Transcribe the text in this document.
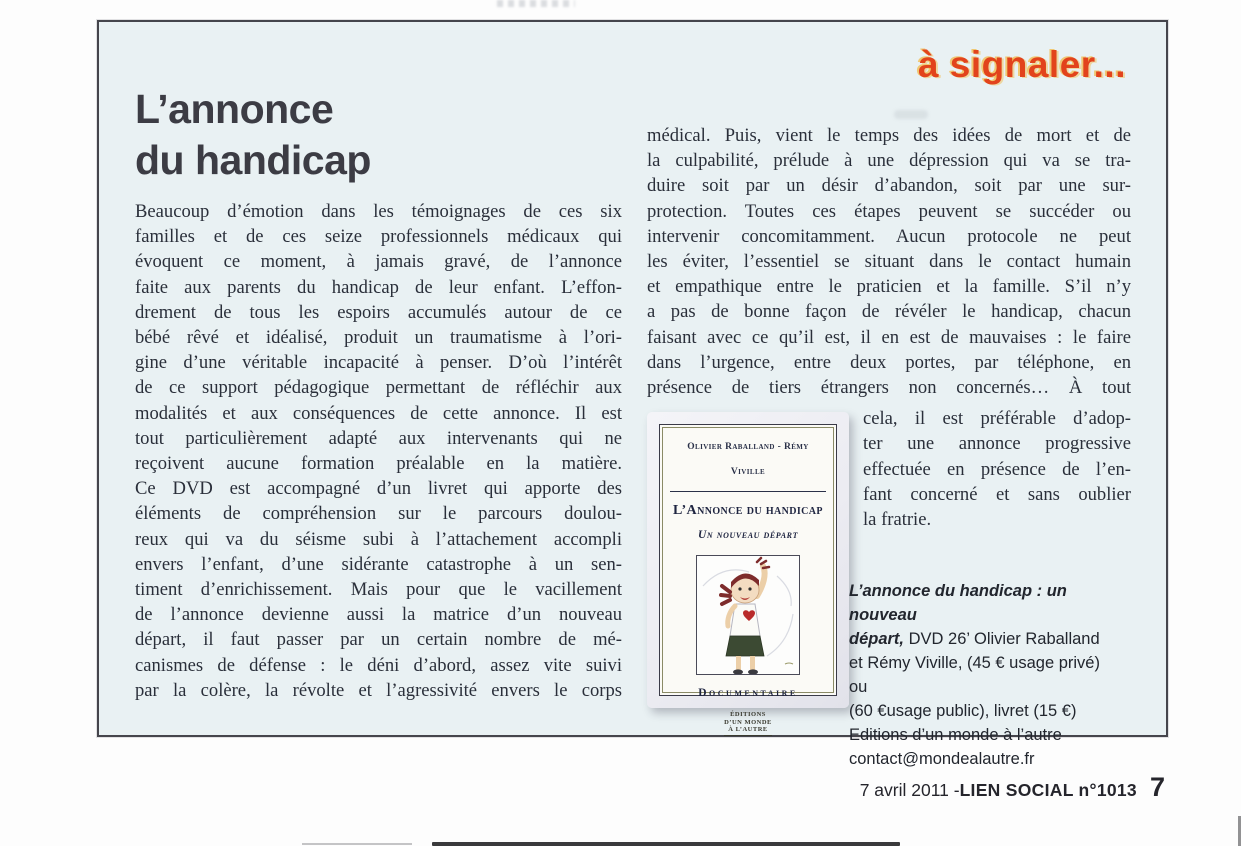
à signaler...
L’annonce
du handicap
Beaucoup d’émotion dans les témoignages de ces six
familles et de ces seize professionnels médicaux qui
évoquent ce moment, à jamais gravé, de l’annonce
faite aux parents du handicap de leur enfant. L’effon-
drement de tous les espoirs accumulés autour de ce
bébé rêvé et idéalisé, produit un traumatisme à l’ori-
gine d’une véritable incapacité à penser. D’où l’intérêt
de ce support pédagogique permettant de réfléchir aux
modalités et aux conséquences de cette annonce. Il est
tout particulièrement adapté aux intervenants qui ne
reçoivent aucune formation préalable en la matière.
Ce DVD est accompagné d’un livret qui apporte des
éléments de compréhension sur le parcours doulou-
reux qui va du séisme subi à l’attachement accompli
envers l’enfant, d’une sidérante catastrophe à un sen-
timent d’enrichissement. Mais pour que le vacillement
de l’annonce devienne aussi la matrice d’un nouveau
départ, il faut passer par un certain nombre de mé-
canismes de défense : le déni d’abord, assez vite suivi
par la colère, la révolte et l’agressivité envers le corps
médical. Puis, vient le temps des idées de mort et de
la culpabilité, prélude à une dépression qui va se tra-
duire soit par un désir d’abandon, soit par une sur-
protection. Toutes ces étapes peuvent se succéder ou
intervenir concomitamment. Aucun protocole ne peut
les éviter, l’essentiel se situant dans le contact humain
et empathique entre le praticien et la famille. S’il n’y
a pas de bonne façon de révéler le handicap, chacun
faisant avec ce qu’il est, il en est de mauvaises : le faire
dans l’urgence, entre deux portes, par téléphone, en
présence de tiers étrangers non concernés… À tout
Olivier Raballand - Rémy Viville
L’Annonce du handicap
Un nouveau départ
Documentaire
ÉDITIONS
D’UN MONDE
À L’AUTRE
cela, il est préférable d’adop-
ter une annonce progressive
effectuée en présence de l’en-
fant concerné et sans oublier
la fratrie.
L’annonce du handicap : un nouveau
départ, DVD 26’ Olivier Raballand
et Rémy Viville, (45 € usage privé) ou
(60 €usage public), livret (15 €)
Editions d’un monde à l’autre
contact@mondealautre.fr
7 avril 2011 - LIEN SOCIAL n°1013 7
